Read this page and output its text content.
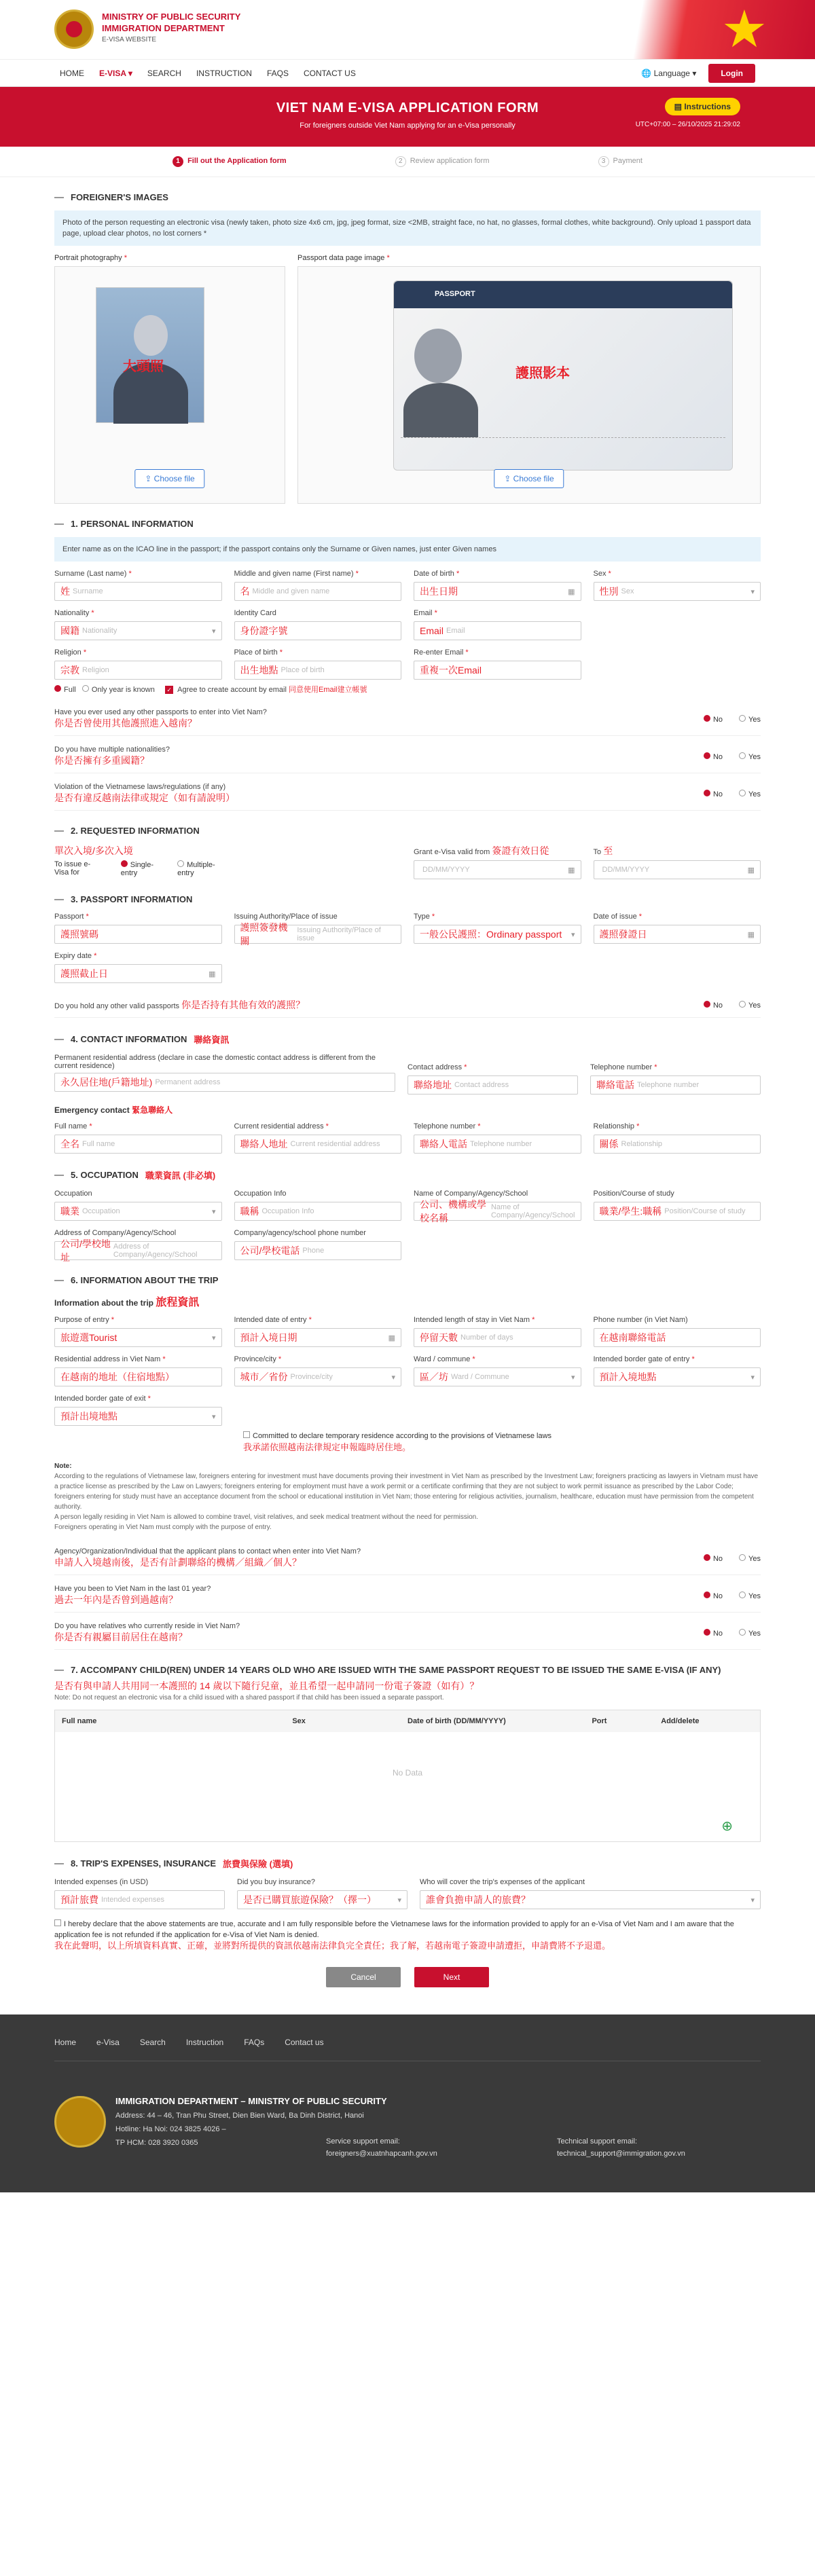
MINISTRY OF PUBLIC SECURITY
IMMIGRATION DEPARTMENT
E-VISA WEBSITE	★
HOME E-VISA ▾ SEARCH INSTRUCTION FAQS CONTACT US	🌐 Language ▾	Login
VIET NAM E-VISA APPLICATION FORM
For foreigners outside Viet Nam applying for an e-Visa personally
▤ Instructions
UTC+07:00 – 26/10/2025 21:29:02
1 Fill out the Application form	2 Review application form	3 Payment
FOREIGNER'S IMAGES
Photo of the person requesting an electronic visa (newly taken, photo size 4x6 cm, jpg, jpeg format, size <2MB, straight face, no hat, no glasses, formal clothes, white background). Only upload 1 passport data page, upload clear photos, no lost corners *
Portrait photography *
大頭照
⇪ Choose file
Passport data page image *
PASSPORT
護照影本
⇪ Choose file
1. PERSONAL INFORMATION
Enter name as on the ICAO line in the passport; if the passport contains only the Surname or Given names, just enter Given names
Surname (Last name) *
姓 Surname
Middle and given name (First name) *
名 Middle and given name
Date of birth *
出生日期	▦
Sex *
性別 Sex	▾
Nationality *
國籍 Nationality	▾
Identity Card
身份證字號
Email *
Email Email
Religion *
宗教 Religion
Place of birth *
出生地點 Place of birth
Re-enter Email *
重複一次Email
Full Only year is known ✓ Agree to create account by email 同意使用Email建立帳號
Have you ever used any other passports to enter into Viet Nam?
你是否曾使用其他護照進入越南？	No	Yes
Do you have multiple nationalities?
你是否擁有多重國籍？	No	Yes
Violation of the Vietnamese laws/regulations (if any)
是否有違反越南法律或規定（如有請說明）	No	Yes
2. REQUESTED INFORMATION
單次入境/多次入境
To issue e-Visa for
Single-entry
Multiple-entry
Grant e-Visa valid from 簽證有效日從
DD/MM/YYYY	▦
To 至
DD/MM/YYYY	▦
3. PASSPORT INFORMATION
Passport *
護照號碼
Issuing Authority/Place of issue
護照簽發機關
Issuing Authority/Place of issue
Type *
一般公民護照：Ordinary passport ▾
Date of issue *
護照發證日	▦
Expiry date *
護照截止日	▦
Do you hold any other valid passports 你是否持有其他有效的護照？	No	Yes
4. CONTACT INFORMATION 聯絡資訊
Permanent residential address (declare in case the domestic contact address is different from the current residence)
永久居住地(戶籍地址) Permanent address
Contact address *
聯絡地址 Contact address
Telephone number *
聯絡電話 Telephone number
Emergency contact 緊急聯絡人
Full name *
全名 Full name
Current residential address *
聯絡人地址 Current residential address
Telephone number *
聯絡人電話 Telephone number
Relationship *
關係 Relationship
5. OCCUPATION 職業資訊 (非必填)
Occupation
職業 Occupation	▾
Occupation Info
職稱 Occupation Info
Name of Company/Agency/School
公司、機構或學校名稱
Name of Company/Agency/School
Position/Course of study
職業/學生:職稱 Position/Course of study
Address of Company/Agency/School
公司/學校地址
Address of Company/Agency/School
Company/agency/school phone number
公司/學校電話 Phone
6. INFORMATION ABOUT THE TRIP
Information about the trip 旅程資訊
Purpose of entry *
旅遊選Tourist	▾
Intended date of entry *
預計入境日期	▦
Intended length of stay in Viet Nam *
停留天數 Number of days
Phone number (in Viet Nam)
在越南聯絡電話
Residential address in Viet Nam *
在越南的地址（住宿地點）
Province/city *
城市／省份 Province/city	▾
Ward / commune *
區／坊 Ward / Commune	▾
Intended border gate of entry *
預計入境地點	▾
Intended border gate of exit *
預計出境地點	▾
Committed to declare temporary residence according to the provisions of Vietnamese laws
我承諾依照越南法律規定申報臨時居住地。
Note:
According to the regulations of Vietnamese law, foreigners entering for investment must have documents proving their investment in Viet Nam as prescribed by the Investment Law; foreigners practicing as lawyers in Vietnam must have a practice license as prescribed by the Law on Lawyers; foreigners entering for employment must have a work permit or a certificate confirming that they are not subject to work permit issuance as prescribed by the Labor Code; foreigners entering for study must have an acceptance document from the school or educational institution in Viet Nam; those entering for religious activities, journalism, healthcare, education must have permission from the competent authority.
A person legally residing in Viet Nam is allowed to combine travel, visit relatives, and seek medical treatment without the need for permission.
Foreigners operating in Viet Nam must comply with the purpose of entry.
Agency/Organization/Individual that the applicant plans to contact when enter into Viet Nam?
申請人入境越南後，是否有計劃聯絡的機構／組織／個人？	No	Yes
Have you been to Viet Nam in the last 01 year?
過去一年內是否曾到過越南？	No	Yes
Do you have relatives who currently reside in Viet Nam?
你是否有親屬目前居住在越南？	No	Yes
7. ACCOMPANY CHILD(REN) UNDER 14 YEARS OLD WHO ARE ISSUED WITH THE SAME PASSPORT REQUEST TO BE ISSUED THE SAME E-VISA (IF ANY)
是否有與申請人共用同一本護照的 14 歲以下隨行兒童，並且希望一起申請同一份電子簽證（如有）？
Note: Do not request an electronic visa for a child issued with a shared passport if that child has been issued a separate passport.
Full name	Sex	Date of birth (DD/MM/YYYY)	Port	Add/delete
No Data
⊕
8. TRIP'S EXPENSES, INSURANCE 旅費與保險 (選填)
Intended expenses (in USD)
預計旅費 Intended expenses
Did you buy insurance?
是否已購買旅遊保險？（擇一）	▾
Who will cover the trip's expenses of the applicant
誰會負擔申請人的旅費？	▾
I hereby declare that the above statements are true, accurate and I am fully responsible before the Vietnamese laws for the information provided to apply for an e-Visa of Viet Nam and I am aware that the application fee is not refunded if the application for e-Visa of Viet Nam is denied.
我在此聲明，以上所填資料真實、正確，並將對所提供的資訊依越南法律負完全責任；我了解，若越南電子簽證申請遭拒，申請費將不予退還。
Cancel	Next
Home	e-Visa	Search	Instruction	FAQs	Contact us
IMMIGRATION DEPARTMENT – MINISTRY OF PUBLIC SECURITY
Address: 44 – 46, Tran Phu Street, Dien Bien Ward, Ba Dinh District, Hanoi
Hotline: Ha Noi: 024 3825 4026 –
TP HCM: 028 3920 0365	Service support email:
foreigners@xuatnhapcanh.gov.vn
Technical support email:
technical_support@immigration.gov.vn
